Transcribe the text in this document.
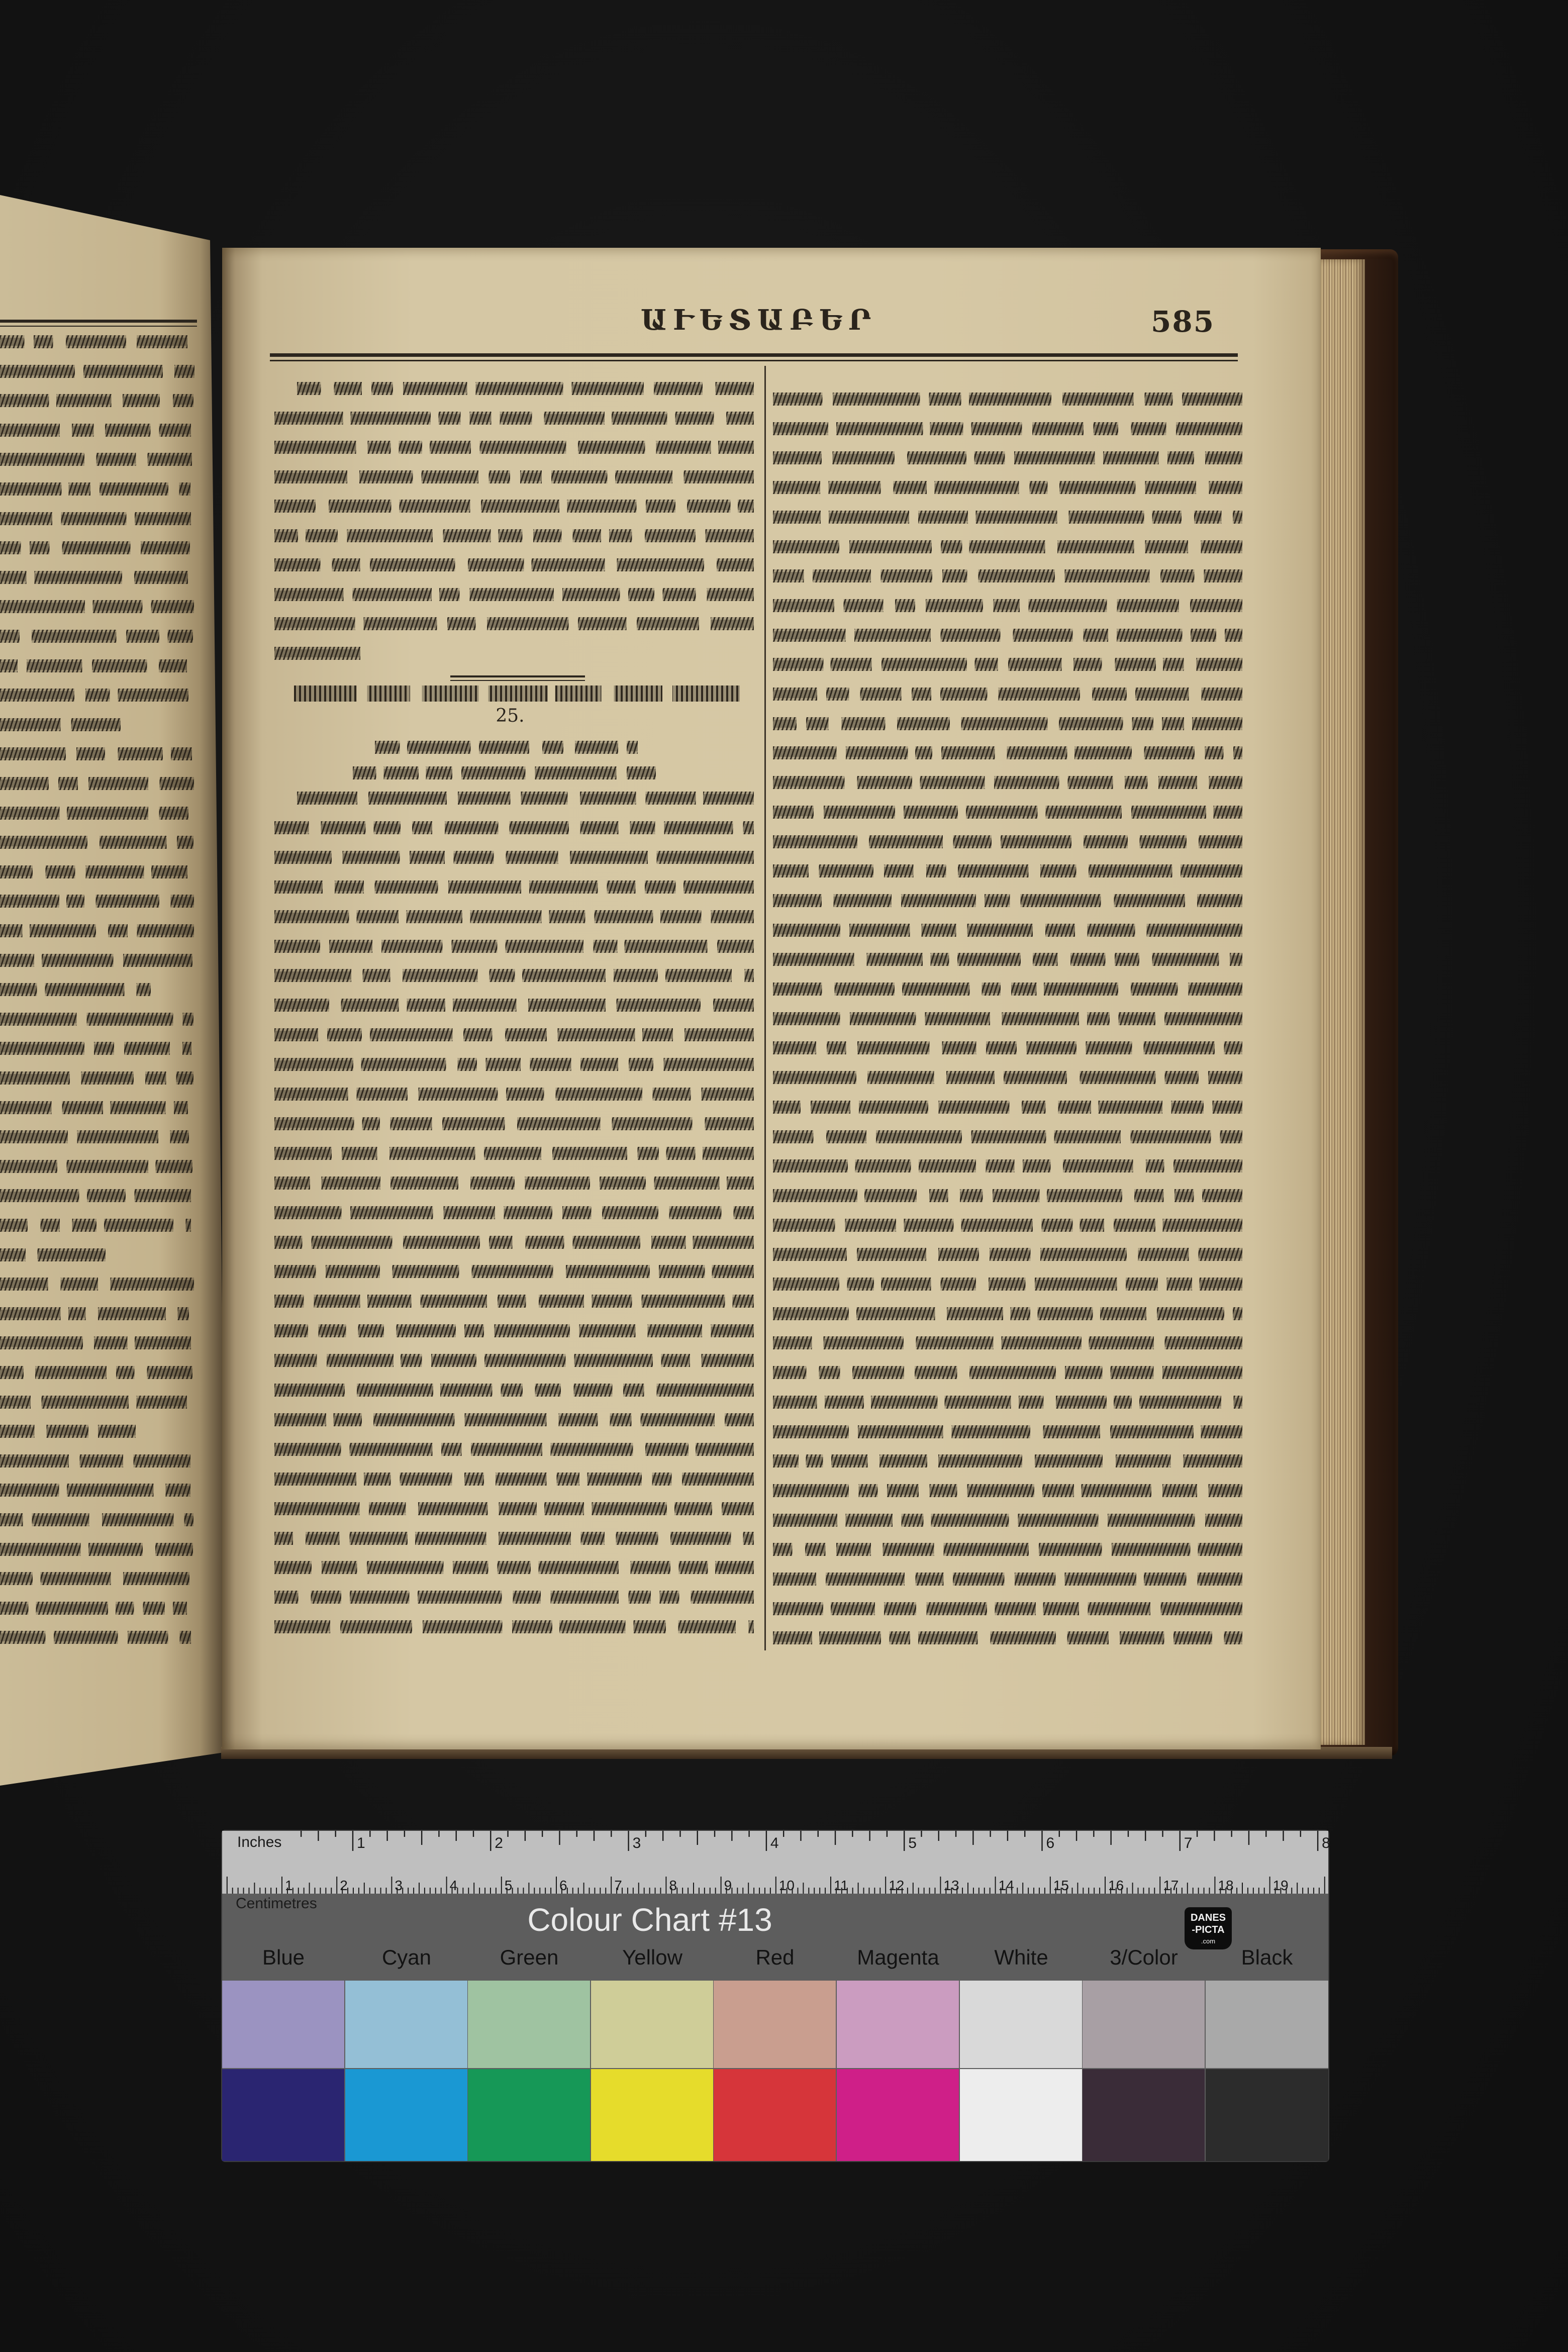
ԱՒԵՏԱԲԵՐ	585
25.
Inches	1	2	3	4	5	6	7	8
1	2	3	4	5	6	7	8	9	10	11	12	13	14	15	16	17	18	19
Centimetres	Colour Chart #13	DANES
-PICTA
.com
Blue	Cyan	Green	Yellow	Red	Magenta	White	3/Color	Black
